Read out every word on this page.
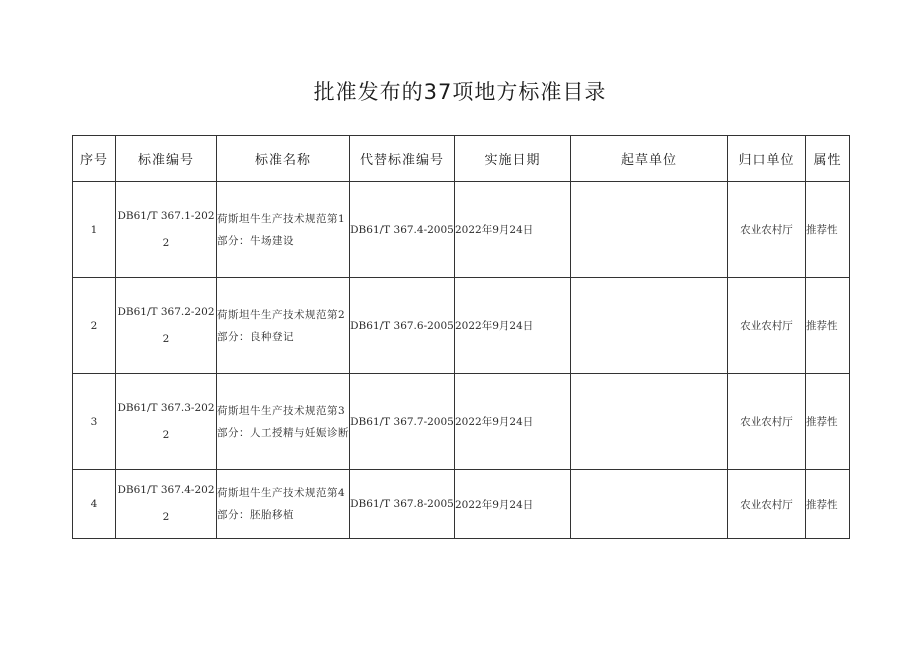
批准发布的37项地方标准目录
序号	标准编号	标准名称	代替标准编号	实施日期	起草单位	归口单位	属性
1	DB61/T 367.1-2022	荷斯坦牛生产技术规范第1部分：牛场建设	DB61/T 367.4-2005	2022年9月24日		农业农村厅	推荐性
2	DB61/T 367.2-2022	荷斯坦牛生产技术规范第2部分：良种登记	DB61/T 367.6-2005	2022年9月24日		农业农村厅	推荐性
3	DB61/T 367.3-2022	荷斯坦牛生产技术规范第3部分：人工授精与妊娠诊断	DB61/T 367.7-2005	2022年9月24日		农业农村厅	推荐性
4	DB61/T 367.4-2022	荷斯坦牛生产技术规范第4部分：胚胎移植	DB61/T 367.8-2005	2022年9月24日		农业农村厅	推荐性
